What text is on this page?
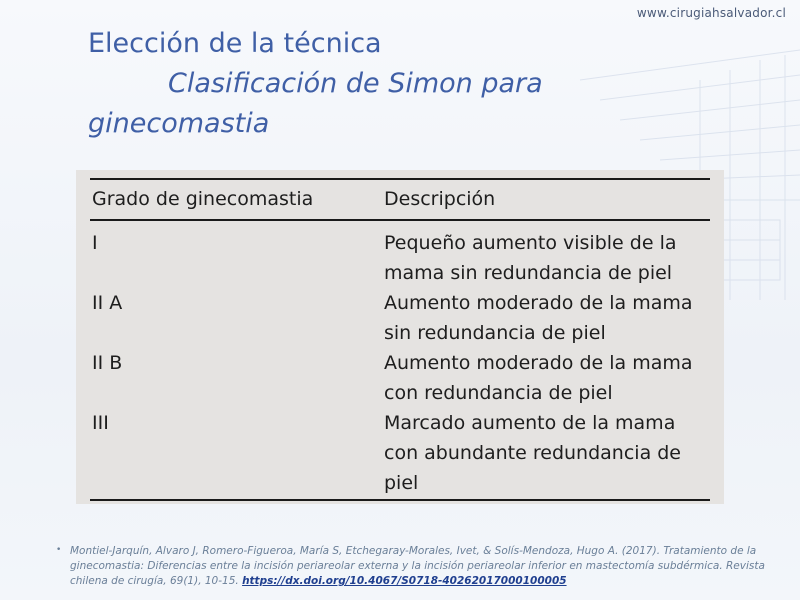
www.cirugiahsalvador.cl
Elección de la técnica
Clasificación de Simon para
ginecomastia
Grado de ginecomastia	Descripción
I	Pequeño aumento visible de la mama sin redundancia de piel
II A	Aumento moderado de la mama sin redundancia de piel
II B	Aumento moderado de la mama con redundancia de piel
III	Marcado aumento de la mama con abundante redundancia de piel
• Montiel-Jarquín, Alvaro J, Romero-Figueroa, María S, Etchegaray-Morales, Ivet, & Solís-Mendoza, Hugo A. (2017). Tratamiento de la ginecomastia: Diferencias entre la incisión periareolar externa y la incisión periareolar inferior en mastectomía subdérmica. Revista chilena de cirugía, 69(1), 10-15. https://dx.doi.org/10.4067/S0718-40262017000100005
